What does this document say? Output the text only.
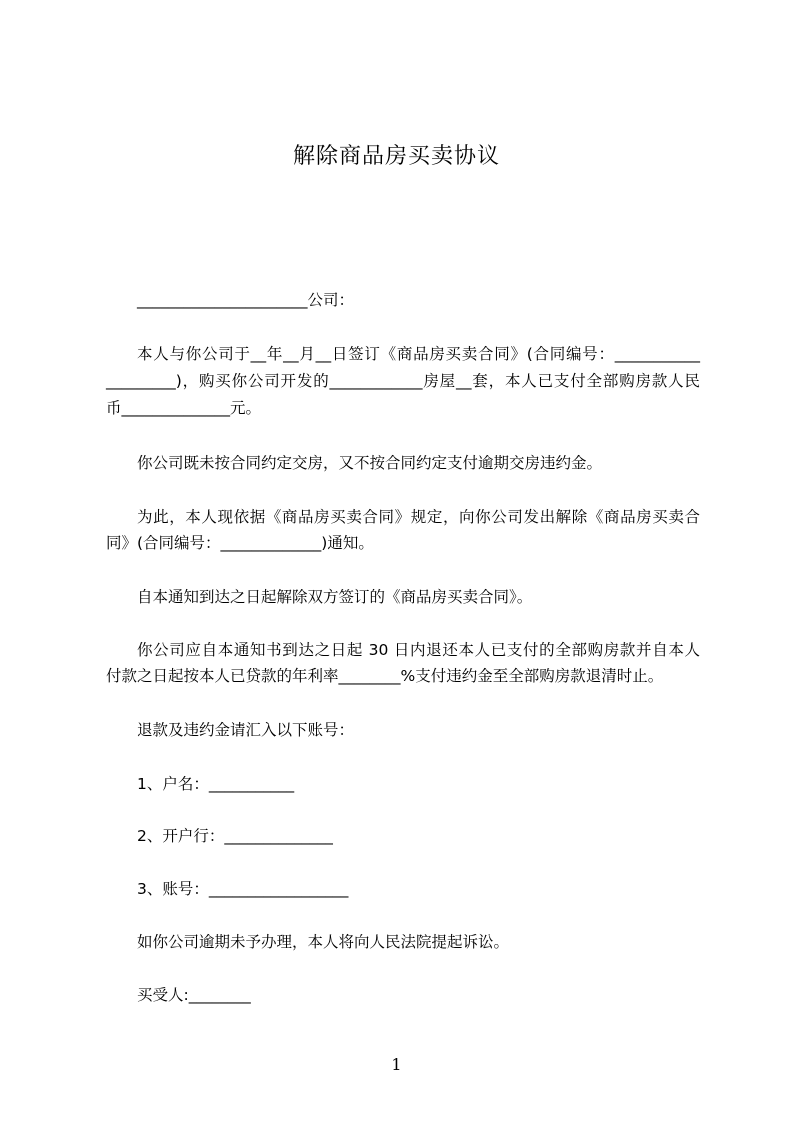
解除商品房买卖协议
______________________公司：
本人与你公司于__年__月__日签订《商品房买卖合同》(合同编号：___________
_________)，购买你公司开发的____________房屋__套，本人已支付全部购房款人民
币______________元。
你公司既未按合同约定交房，又不按合同约定支付逾期交房违约金。
为此，本人现依据《商品房买卖合同》规定，向你公司发出解除《商品房买卖合
同》(合同编号：_____________)通知。
自本通知到达之日起解除双方签订的《商品房买卖合同》。
你公司应自本通知书到达之日起 30 日内退还本人已支付的全部购房款并自本人
付款之日起按本人已贷款的年利率________%支付违约金至全部购房款退清时止。
退款及违约金请汇入以下账号：
1、户名：___________
2、开户行：______________
3、账号：__________________
如你公司逾期未予办理，本人将向人民法院提起诉讼。
买受人:________
1
